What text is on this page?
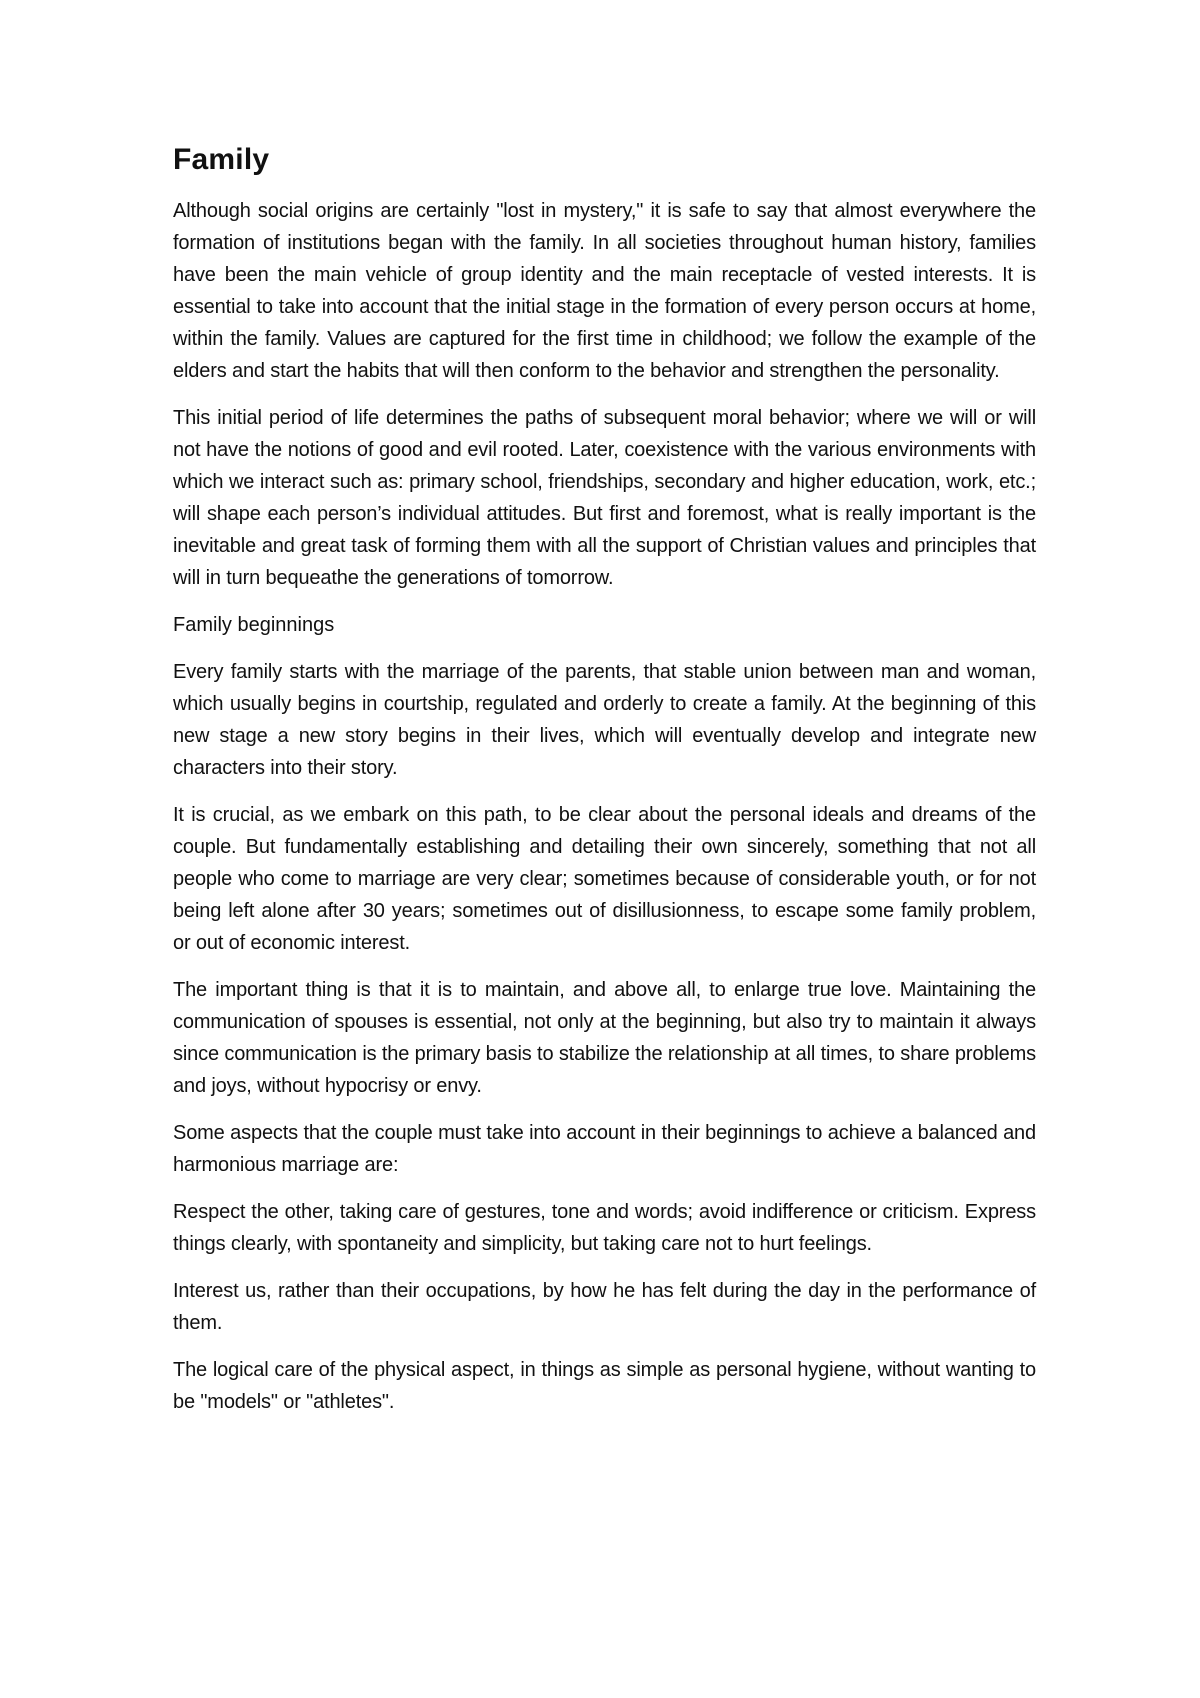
Family

Although social origins are certainly "lost in mystery," it is safe to say that almost everywhere the formation of institutions began with the family. In all societies throughout human history, families have been the main vehicle of group identity and the main receptacle of vested interests. It is essential to take into account that the initial stage in the formation of every person occurs at home, within the family. Values are captured for the first time in childhood; we follow the example of the elders and start the habits that will then conform to the behavior and strengthen the personality.

This initial period of life determines the paths of subsequent moral behavior; where we will or will not have the notions of good and evil rooted. Later, coexistence with the various environments with which we interact such as: primary school, friendships, secondary and higher education, work, etc.; will shape each person’s individual attitudes. But first and foremost, what is really important is the inevitable and great task of forming them with all the support of Christian values and principles that will in turn bequeathe the generations of tomorrow.

Family beginnings

Every family starts with the marriage of the parents, that stable union between man and woman, which usually begins in courtship, regulated and orderly to create a family. At the beginning of this new stage a new story begins in their lives, which will eventually develop and integrate new characters into their story.

It is crucial, as we embark on this path, to be clear about the personal ideals and dreams of the couple. But fundamentally establishing and detailing their own sincerely, something that not all people who come to marriage are very clear; sometimes because of considerable youth, or for not being left alone after 30 years; sometimes out of disillusionness, to escape some family problem, or out of economic interest.

The important thing is that it is to maintain, and above all, to enlarge true love. Maintaining the communication of spouses is essential, not only at the beginning, but also try to maintain it always since communication is the primary basis to stabilize the relationship at all times, to share problems and joys, without hypocrisy or envy.

Some aspects that the couple must take into account in their beginnings to achieve a balanced and harmonious marriage are:

Respect the other, taking care of gestures, tone and words; avoid indifference or criticism. Express things clearly, with spontaneity and simplicity, but taking care not to hurt feelings.

Interest us, rather than their occupations, by how he has felt during the day in the performance of them.

The logical care of the physical aspect, in things as simple as personal hygiene, without wanting to be "models" or "athletes".
